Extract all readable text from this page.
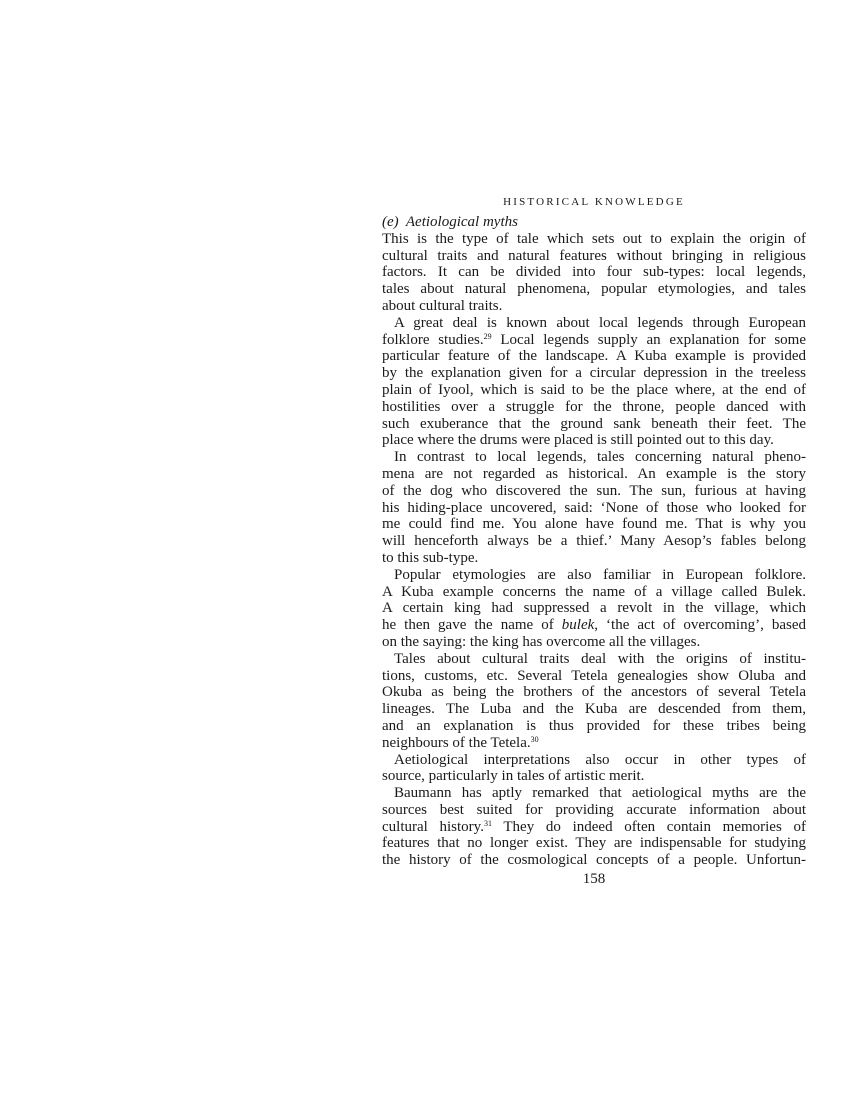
HISTORICAL KNOWLEDGE
(e) Aetiological myths
This is the type of tale which sets out to explain the origin of
cultural traits and natural features without bringing in religious
factors. It can be divided into four sub-types: local legends,
tales about natural phenomena, popular etymologies, and tales
about cultural traits.
A great deal is known about local legends through European
folklore studies.$^{29}$ Local legends supply an explanation for some
particular feature of the landscape. A Kuba example is provided
by the explanation given for a circular depression in the treeless
plain of Iyool, which is said to be the place where, at the end of
hostilities over a struggle for the throne, people danced with
such exuberance that the ground sank beneath their feet. The
place where the drums were placed is still pointed out to this day.
In contrast to local legends, tales concerning natural pheno-
mena are not regarded as historical. An example is the story
of the dog who discovered the sun. The sun, furious at having
his hiding-place uncovered, said: ‘None of those who looked for
me could find me. You alone have found me. That is why you
will henceforth always be a thief.’ Many Aesop’s fables belong
to this sub-type.
Popular etymologies are also familiar in European folklore.
A Kuba example concerns the name of a village called Bulek.
A certain king had suppressed a revolt in the village, which
he then gave the name of bulek, ‘the act of overcoming’, based
on the saying: the king has overcome all the villages.
Tales about cultural traits deal with the origins of institu-
tions, customs, etc. Several Tetela genealogies show Oluba and
Okuba as being the brothers of the ancestors of several Tetela
lineages. The Luba and the Kuba are descended from them,
and an explanation is thus provided for these tribes being
neighbours of the Tetela.$^{30}$
Aetiological interpretations also occur in other types of
source, particularly in tales of artistic merit.
Baumann has aptly remarked that aetiological myths are the
sources best suited for providing accurate information about
cultural history.$^{31}$ They do indeed often contain memories of
features that no longer exist. They are indispensable for studying
the history of the cosmological concepts of a people. Unfortun-
158
